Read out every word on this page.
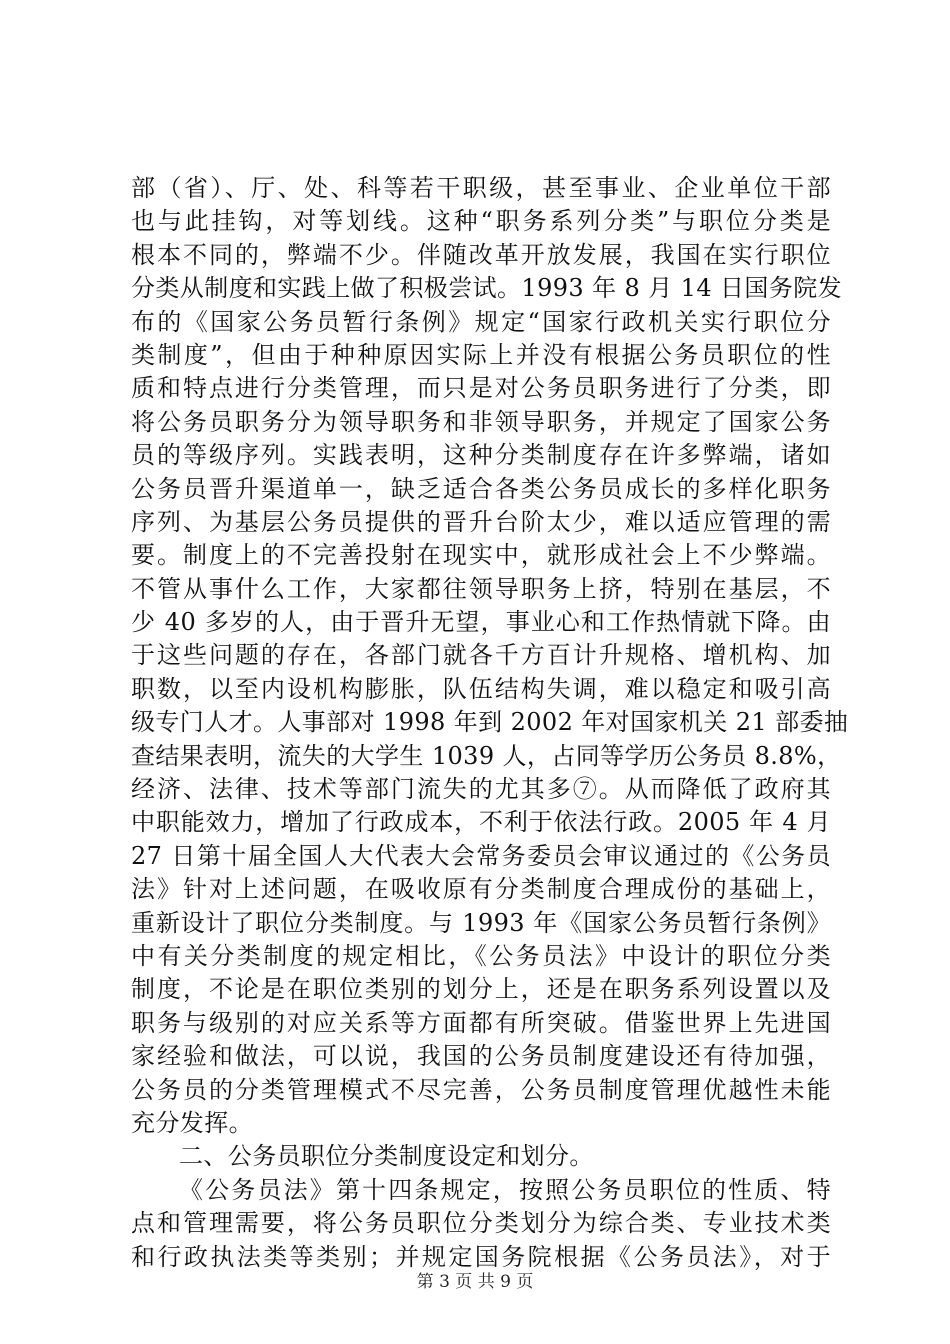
部（省）、厅、处、科等若干职级，甚至事业、企业单位干部
也与此挂钩，对等划线。这种“职务系列分类”与职位分类是
根本不同的，弊端不少。伴随改革开放发展，我国在实行职位
分类从制度和实践上做了积极尝试。1993 年 8 月 14 日国务院发
布的《国家公务员暂行条例》规定“国家行政机关实行职位分
类制度”，但由于种种原因实际上并没有根据公务员职位的性
质和特点进行分类管理，而只是对公务员职务进行了分类，即
将公务员职务分为领导职务和非领导职务，并规定了国家公务
员的等级序列。实践表明，这种分类制度存在许多弊端，诸如
公务员晋升渠道单一，缺乏适合各类公务员成长的多样化职务
序列、为基层公务员提供的晋升台阶太少，难以适应管理的需
要。制度上的不完善投射在现实中，就形成社会上不少弊端。
不管从事什么工作，大家都往领导职务上挤，特别在基层，不
少 40 多岁的人，由于晋升无望，事业心和工作热情就下降。由
于这些问题的存在，各部门就各千方百计升规格、增机构、加
职数，以至内设机构膨胀，队伍结构失调，难以稳定和吸引高
级专门人才。人事部对 1998 年到 2002 年对国家机关 21 部委抽
查结果表明，流失的大学生 1039 人，占同等学历公务员 8.8%，
经济、法律、技术等部门流失的尤其多⑦。从而降低了政府其
中职能效力，增加了行政成本，不利于依法行政。2005 年 4 月
27 日第十届全国人大代表大会常务委员会审议通过的《公务员
法》针对上述问题，在吸收原有分类制度合理成份的基础上，
重新设计了职位分类制度。与 1993 年《国家公务员暂行条例》
中有关分类制度的规定相比，《公务员法》中设计的职位分类
制度，不论是在职位类别的划分上，还是在职务系列设置以及
职务与级别的对应关系等方面都有所突破。借鉴世界上先进国
家经验和做法，可以说，我国的公务员制度建设还有待加强，
公务员的分类管理模式不尽完善，公务员制度管理优越性未能
充分发挥。
二、公务员职位分类制度设定和划分。
《公务员法》第十四条规定，按照公务员职位的性质、特
点和管理需要，将公务员职位分类划分为综合类、专业技术类
和行政执法类等类别；并规定国务院根据《公务员法》，对于
第 3 页 共 9 页
